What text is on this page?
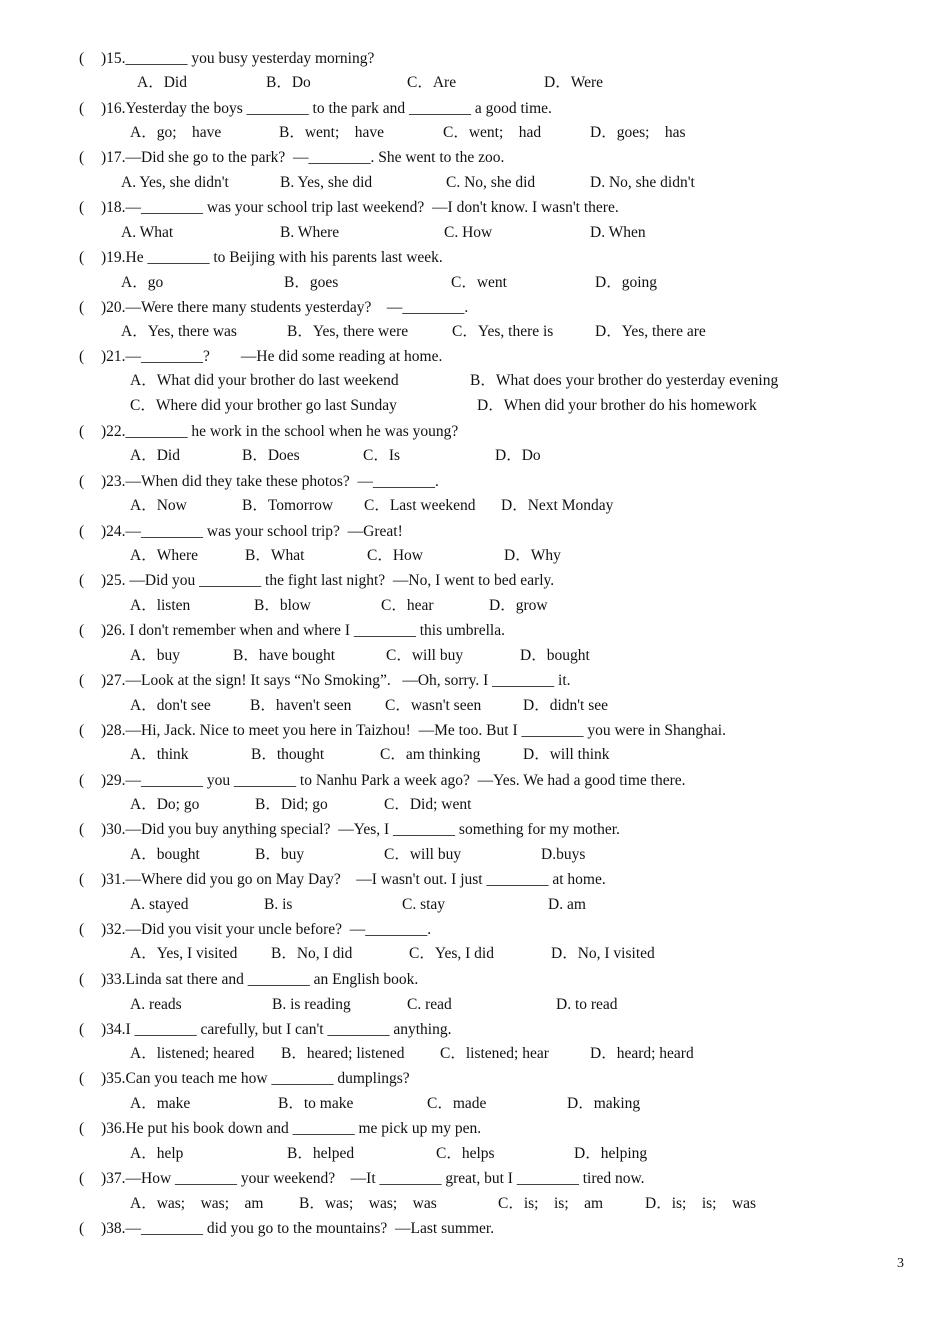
( )15.________ you busy yesterday morning?
A．Did	B．Do	C．Are	D．Were
( )16.Yesterday the boys ________ to the park and ________ a good time.
A．go;    have	B．went;    have	C．went;    had	D．goes;    has
( )17.—Did she go to the park?  —________. She went to the zoo.
A. Yes, she didn't	B. Yes, she did	C. No, she did	D. No, she didn't
( )18.—________ was your school trip last weekend?  —I don't know. I wasn't there.
A. What	B. Where	C. How	D. When
( )19.He ________ to Beijing with his parents last week.
A．go	B．goes	C．went	D．going
( )20.—Were there many students yesterday?    —________.
A．Yes, there was	B．Yes, there were	C．Yes, there is	D．Yes, there are
( )21.—________?        —He did some reading at home.
A．What did your brother do last weekend	B．What does your brother do yesterday evening
C．Where did your brother go last Sunday	D．When did your brother do his homework
( )22.________ he work in the school when he was young?
A．Did	B．Does	C．Is	D．Do
( )23.—When did they take these photos?  —________.
A．Now	B．Tomorrow C．Last weekend D．Next Monday
( )24.—________ was your school trip?  —Great!
A．Where	B．What	C．How	D．Why
( )25. —Did you ________ the fight last night?  —No, I went to bed early.
A．listen	B．blow	C．hear	D．grow
( )26. I don't remember when and where I ________ this umbrella.
A．buy	B．have bought	C．will buy	D．bought
( )27.—Look at the sign! It says “No Smoking”.   —Oh, sorry. I ________ it.
A．don't see	B．haven't seen C．wasn't seen	D．didn't see
( )28.—Hi, Jack. Nice to meet you here in Taizhou!  —Me too. But I ________ you were in Shanghai.
A．think	B．thought	C．am thinking	D．will think
( )29.—________ you ________ to Nanhu Park a week ago?  —Yes. We had a good time there.
A．Do; go	B．Did; go	C．Did; went
( )30.—Did you buy anything special?  —Yes, I ________ something for my mother.
A．bought	B．buy	C．will buy	D.buys
( )31.—Where did you go on May Day?    —I wasn't out. I just ________ at home.
A. stayed	B. is	C. stay	D. am
( )32.—Did you visit your uncle before?  —________.
A．Yes, I visited B．No, I did	C．Yes, I did	D．No, I visited
( )33.Linda sat there and ________ an English book.
A. reads	B. is reading	C. read	D. to read
( )34.I ________ carefully, but I can't ________ anything.
A．listened; heared B．heared; listened C．listened; hear	D．heard; heard
( )35.Can you teach me how ________ dumplings?
A．make	B．to make	C．made	D．making
( )36.He put his book down and ________ me pick up my pen.
A．help	B．helped	C．helps	D．helping
( )37.—How ________ your weekend?    —It ________ great, but I ________ tired now.
A．was;    was;    am B．was;    was;    was	C．is;    is;    am	D．is;    is;    was
( )38.—________ did you go to the mountains?  —Last summer.
3
